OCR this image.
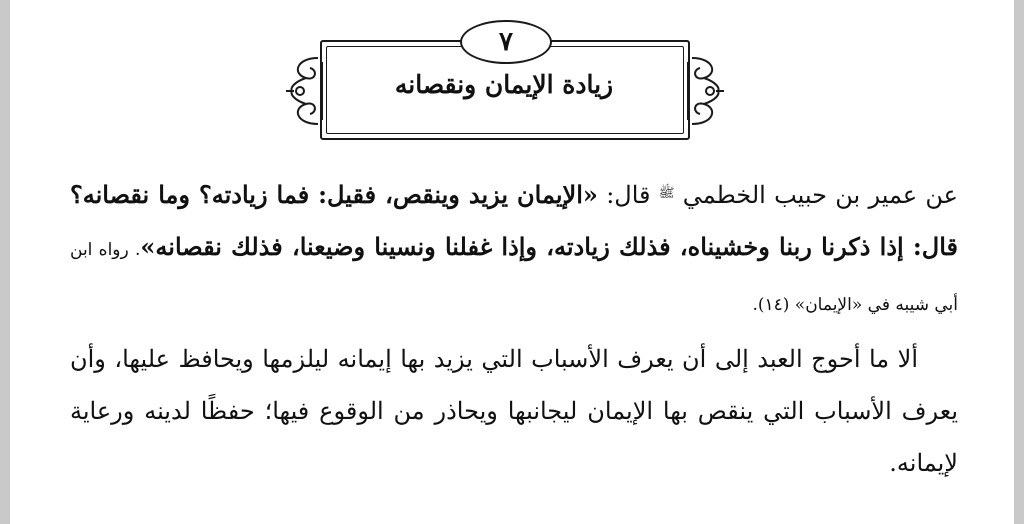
٧
زيادة الإيمان ونقصانه

عن عمير بن حبيب الخطمي $^ﷺ$ قال: «الإيمان يزيد وينقص، فقيل: فما زيادته؟ وما نقصانه؟ قال: إذا ذكرنا ربنا وخشيناه، فذلك زيادته، وإذا غفلنا ونسينا وضيعنا، فذلك نقصانه». رواه ابن أبي شيبه في «الإيمان» (١٤).

ألا ما أحوج العبد إلى أن يعرف الأسباب التي يزيد بها إيمانه ليلزمها ويحافظ عليها، وأن يعرف الأسباب التي ينقص بها الإيمان ليجانبها ويحاذر من الوقوع فيها؛ حفظًا لدينه ورعاية لإيمانه.
